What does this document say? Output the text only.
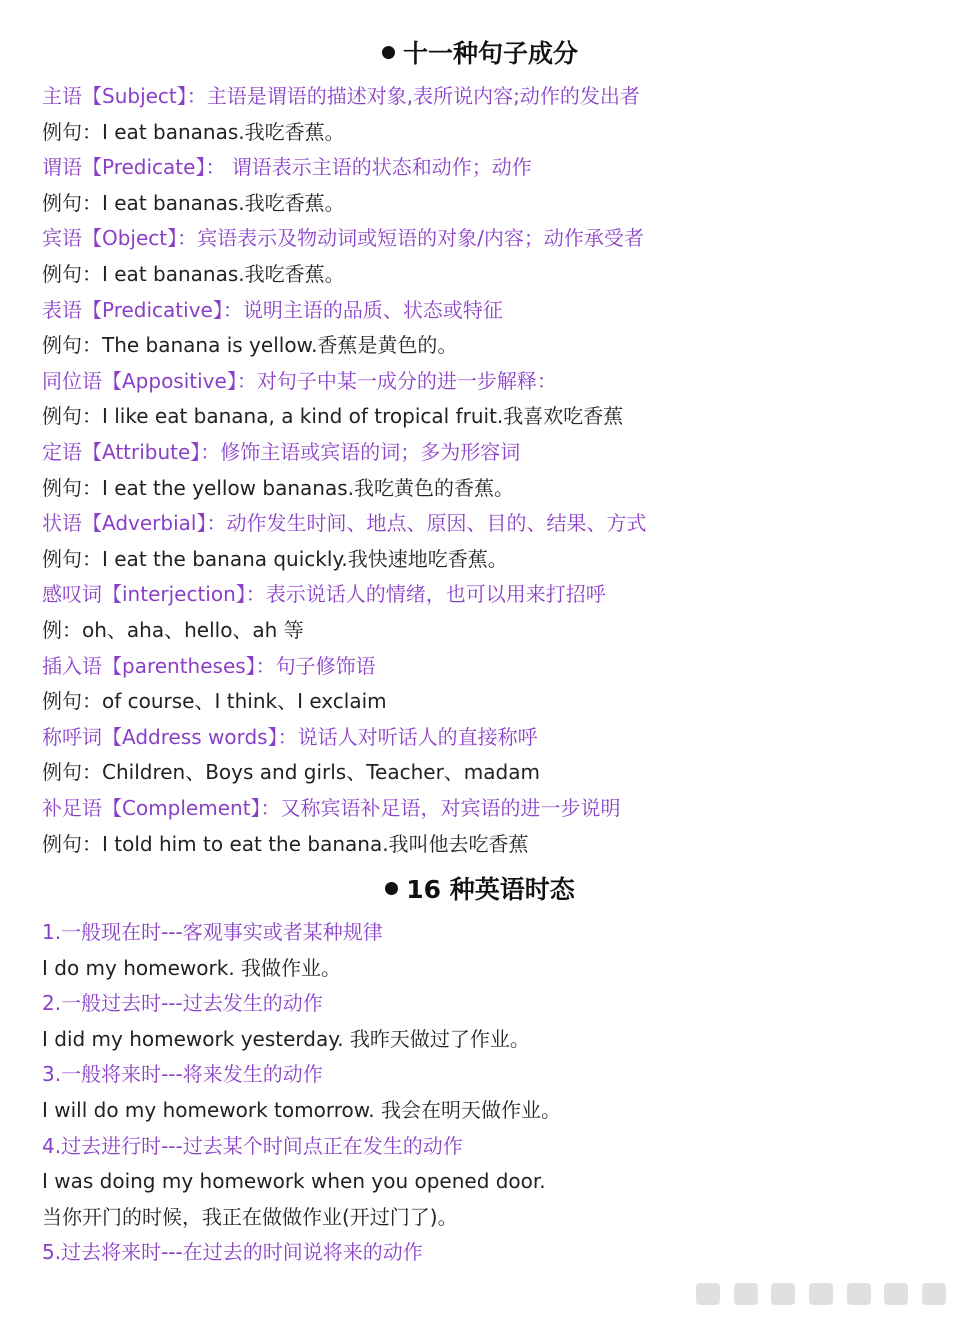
十一种句子成分
主语【Subject】：主语是谓语的描述对象,表所说内容;动作的发出者
例句：I eat bananas.我吃香蕉。
谓语【Predicate】： 谓语表示主语的状态和动作；动作
例句：I eat bananas.我吃香蕉。
宾语【Object】：宾语表示及物动词或短语的对象/内容；动作承受者
例句：I eat bananas.我吃香蕉。
表语【Predicative】：说明主语的品质、状态或特征
例句：The banana is yellow.香蕉是黄色的。
同位语【Appositive】：对句子中某一成分的进一步解释：
例句：I like eat banana, a kind of tropical fruit.我喜欢吃香蕉
定语【Attribute】：修饰主语或宾语的词；多为形容词
例句：I eat the yellow bananas.我吃黄色的香蕉。
状语【Adverbial】：动作发生时间、地点、原因、目的、结果、方式
例句：I eat the banana quickly.我快速地吃香蕉。
感叹词【interjection】：表示说话人的情绪，也可以用来打招呼
例：oh、aha、hello、ah 等
插入语【parentheses】：句子修饰语
例句：of course、I think、I exclaim
称呼词【Address words】：说话人对听话人的直接称呼
例句：Children、Boys and girls、Teacher、madam
补足语【Complement】：又称宾语补足语，对宾语的进一步说明
例句：I told him to eat the banana.我叫他去吃香蕉
16 种英语时态
1.一般现在时---客观事实或者某种规律
I do my homework. 我做作业。
2.一般过去时---过去发生的动作
I did my homework yesterday. 我昨天做过了作业。
3.一般将来时---将来发生的动作
I will do my homework tomorrow. 我会在明天做作业。
4.过去进行时---过去某个时间点正在发生的动作
I was doing my homework when you opened door.
当你开门的时候，我正在做做作业(开过门了)。
5.过去将来时---在过去的时间说将来的动作
